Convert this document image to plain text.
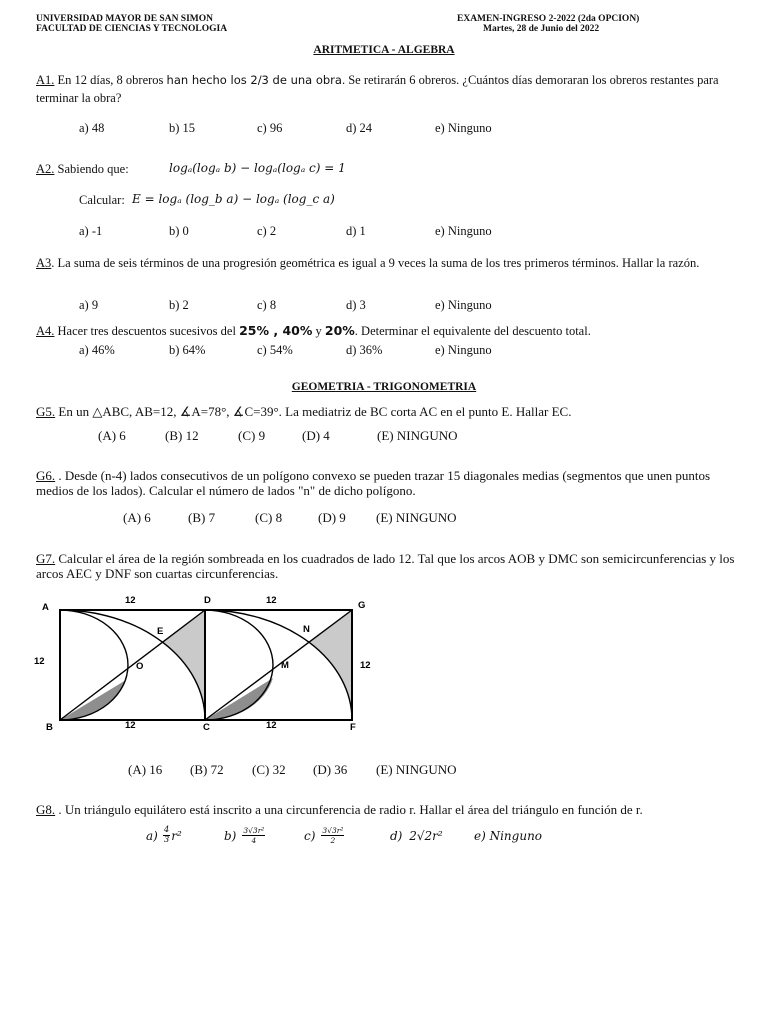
UNIVERSIDAD MAYOR DE SAN SIMON
FACULTAD DE CIENCIAS Y TECNOLOGIA
EXAMEN-INGRESO 2-2022 (2da OPCION)
Martes, 28 de Junio del 2022
ARITMETICA - ALGEBRA
A1. En 12 días, 8 obreros han hecho los 2/3 de una obra. Se retirarán 6 obreros. ¿Cuántos días demoraran los obreros restantes para terminar la obra?
a) 48	b) 15	c) 96	d) 24	e) Ninguno
A2. Sabiendo que:	logₐ(logₐ b) − logₐ(logₐ c) = 1
Calcular: E = logₐ (log_b a) − logₐ (log_c a)
a) -1	b) 0	c) 2	d) 1	e) Ninguno
A3. La suma de seis términos de una progresión geométrica es igual a 9 veces la suma de los tres primeros términos. Hallar la razón.
a) 9	b) 2	c) 8	d) 3	e) Ninguno
A4. Hacer tres descuentos sucesivos del 25% , 40% y 20%. Determinar el equivalente del descuento total.
a) 46%	b) 64%	c) 54%	d) 36%	e) Ninguno
GEOMETRIA - TRIGONOMETRIA
G5. En un △ABC, AB=12, ∡A=78°, ∡C=39°. La mediatriz de BC corta AC en el punto E. Hallar EC.
(A) 6	(B) 12	(C) 9	(D) 4	(E) NINGUNO
G6. . Desde (n-4) lados consecutivos de un polígono convexo se pueden trazar 15 diagonales medias (segmentos que unen puntos medios de los lados). Calcular el número de lados "n" de dicho polígono.
(A) 6	(B) 7	(C) 8	(D) 9 (E) NINGUNO
G7. Calcular el área de la región sombreada en los cuadrados de lado 12. Tal que los arcos AOB y DMC son semicircunferencias y los arcos AEC y DNF son cuartas circunferencias.
A
D	G
B	C	F
E
O
N
M
12	12
12	12
12	12
(A) 16 (B) 72 (C) 32 (D) 36 (E) NINGUNO
G8. . Un triángulo equilátero está inscrito a una circunferencia de radio r. Hallar el área del triángulo en función de r.
a) 4
3 r²	b) 3√3r²
4	c) 3√3r²
2	d) 2√2r²	e) Ninguno
